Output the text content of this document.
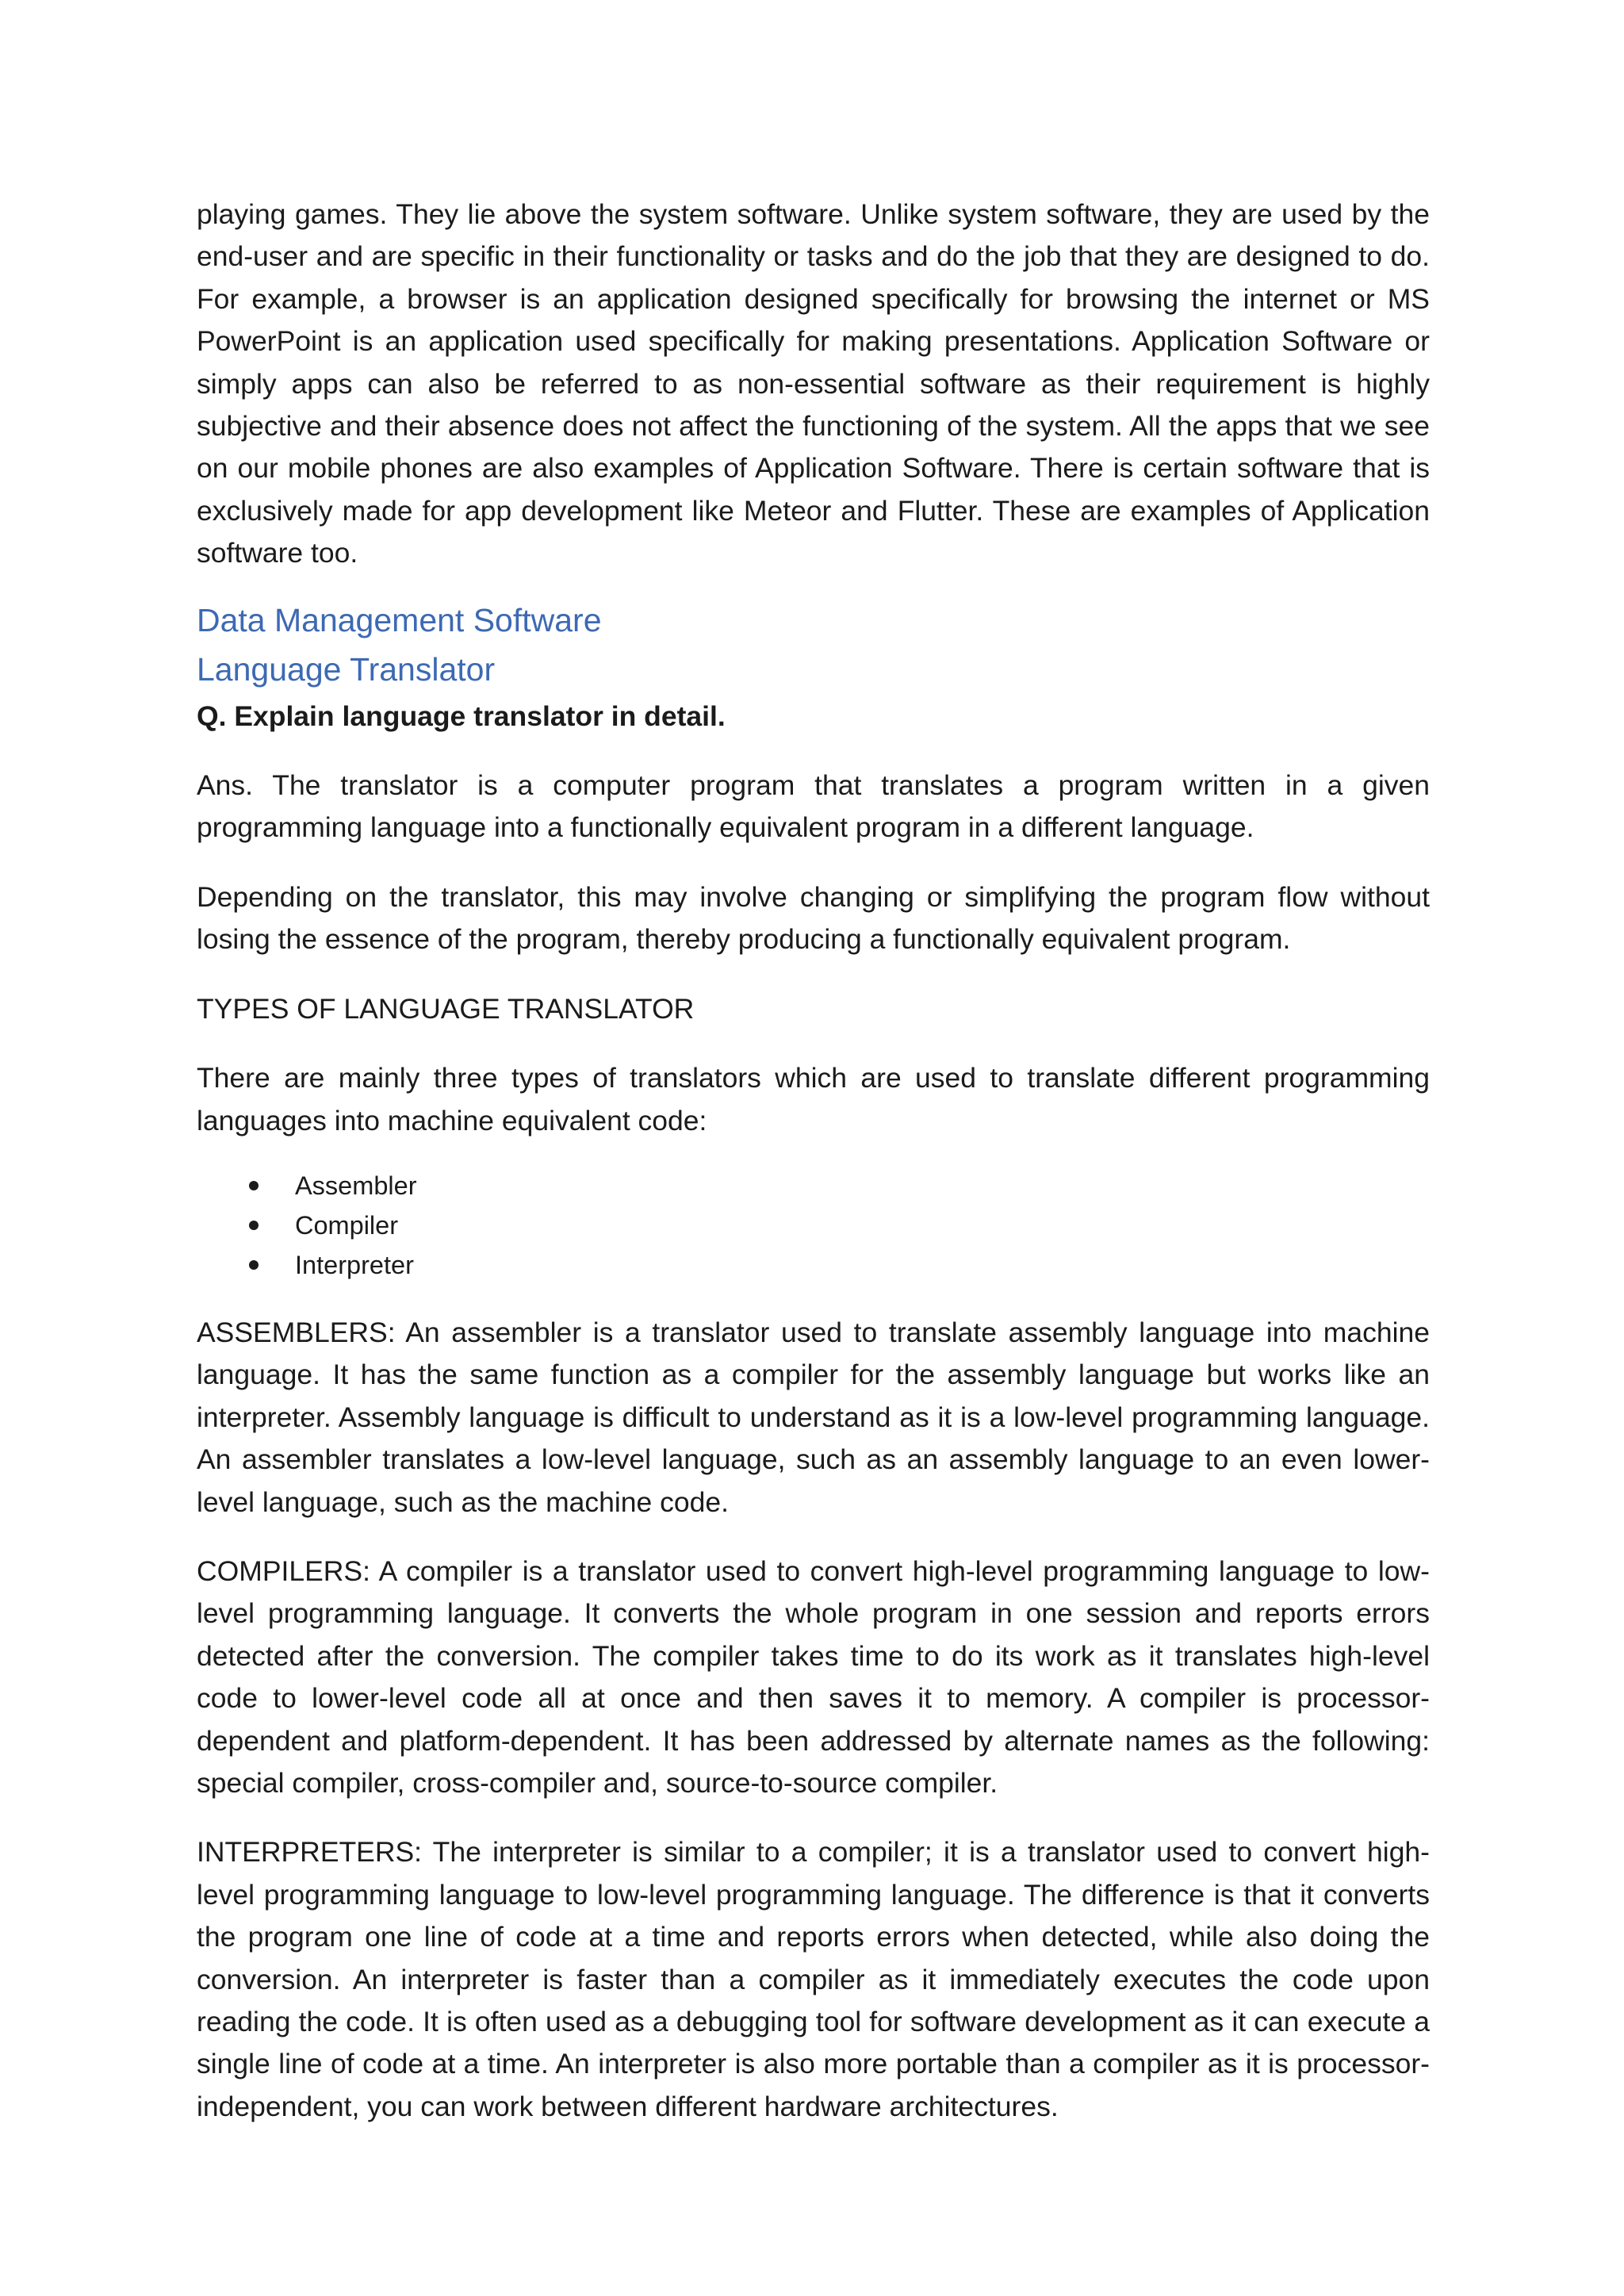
playing games. They lie above the system software. Unlike system software, they are used by the end-user and are specific in their functionality or tasks and do the job that they are designed to do. For example, a browser is an application designed specifically for browsing the internet or MS PowerPoint is an application used specifically for making presentations. Application Software or simply apps can also be referred to as non-essential software as their requirement is highly subjective and their absence does not affect the functioning of the system. All the apps that we see on our mobile phones are also examples of Application Software. There is certain software that is exclusively made for app development like Meteor and Flutter. These are examples of Application software too.

Data Management Software
Language Translator

Q. Explain language translator in detail.

Ans. The translator is a computer program that translates a program written in a given programming language into a functionally equivalent program in a different language.

Depending on the translator, this may involve changing or simplifying the program flow without losing the essence of the program, thereby producing a functionally equivalent program.

TYPES OF LANGUAGE TRANSLATOR

There are mainly three types of translators which are used to translate different programming languages into machine equivalent code:

Assembler
Compiler
Interpreter

ASSEMBLERS: An assembler is a translator used to translate assembly language into machine language. It has the same function as a compiler for the assembly language but works like an interpreter. Assembly language is difficult to understand as it is a low-level programming language. An assembler translates a low-level language, such as an assembly language to an even lower-level language, such as the machine code.

COMPILERS: A compiler is a translator used to convert high-level programming language to low-level programming language. It converts the whole program in one session and reports errors detected after the conversion. The compiler takes time to do its work as it translates high-level code to lower-level code all at once and then saves it to memory. A compiler is processor-dependent and platform-dependent. It has been addressed by alternate names as the following: special compiler, cross-compiler and, source-to-source compiler.

INTERPRETERS: The interpreter is similar to a compiler; it is a translator used to convert high-level programming language to low-level programming language. The difference is that it converts the program one line of code at a time and reports errors when detected, while also doing the conversion. An interpreter is faster than a compiler as it immediately executes the code upon reading the code. It is often used as a debugging tool for software development as it can execute a single line of code at a time. An interpreter is also more portable than a compiler as it is processor-independent, you can work between different hardware architectures.
